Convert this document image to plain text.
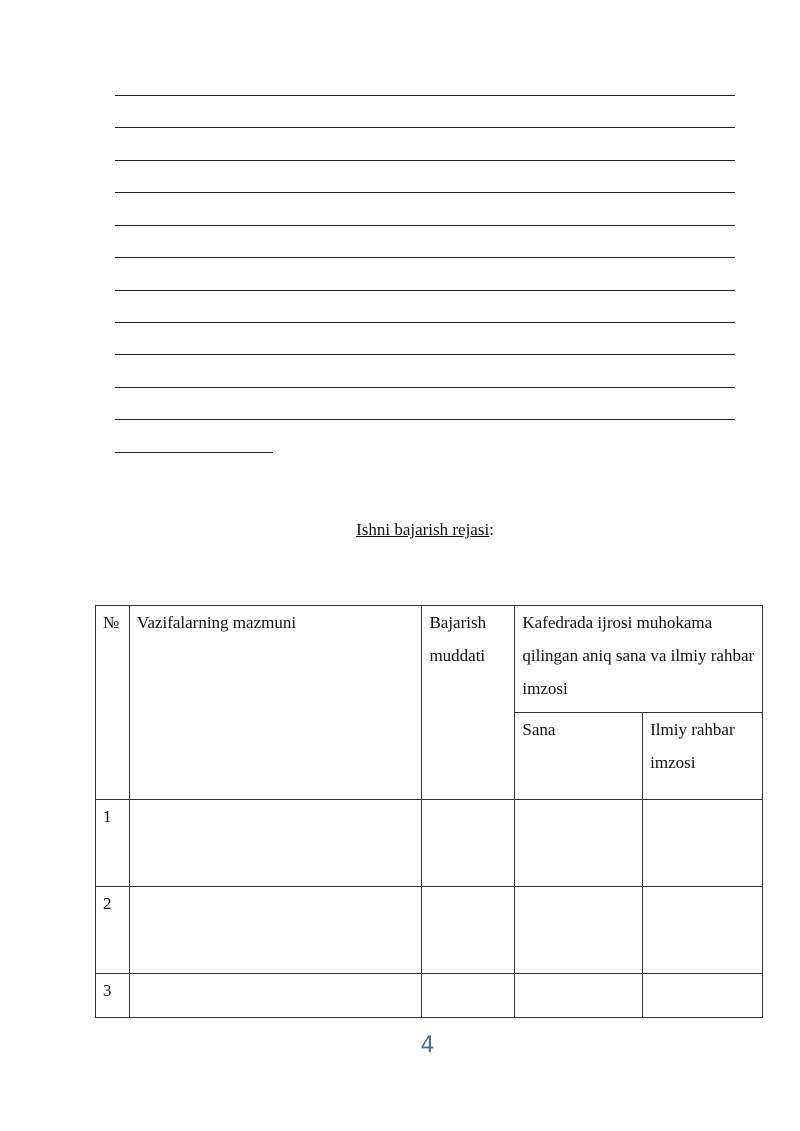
Ishni bajarish rejasi:
№	Vazifalarning mazmuni	Bajarish muddati	Kafedrada ijrosi muhokama qilingan aniq sana va ilmiy rahbar imzosi	
			Sana	Ilmiy rahbar imzosi
1				
2				
3				
4
